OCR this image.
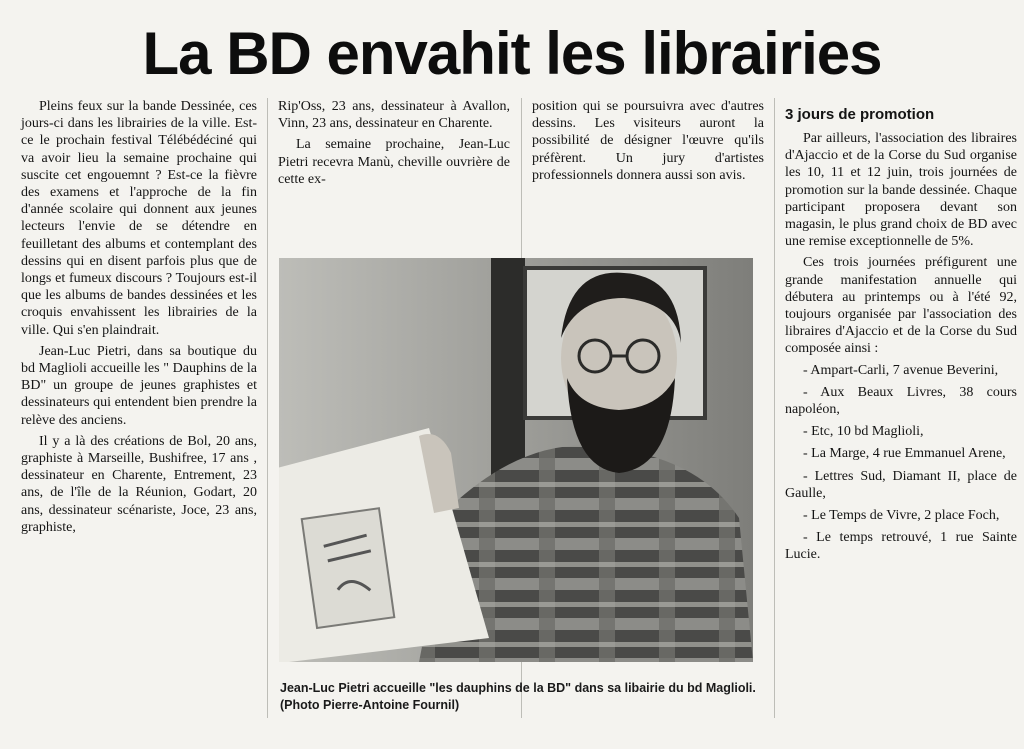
La BD envahit les librairies

Pleins feux sur la bande Dessinée, ces jours-ci dans les librairies de la ville. Est-ce le prochain festival Télébédéciné qui va avoir lieu la semaine prochaine qui suscite cet engouemnt ? Est-ce la fièvre des examens et l'approche de la fin d'année scolaire qui donnent aux jeunes lecteurs l'envie de se détendre en feuilletant des albums et contemplant des dessins qui en disent parfois plus que de longs et fumeux discours ? Toujours est-il que les albums de bandes dessinées et les croquis envahissent les librairies de la ville. Qui s'en plaindrait.

Jean-Luc Pietri, dans sa boutique du bd Maglioli accueille les " Dauphins de la BD" un groupe de jeunes graphistes et dessinateurs qui entendent bien prendre la relève des anciens.

Il y a là des créations de Bol, 20 ans, graphiste à Marseille, Bushifree, 17 ans , dessinateur en Charente, Entrement, 23 ans, de l'île de la Réunion, Godart, 20 ans, dessinateur scénariste, Joce, 23 ans, graphiste,

Rip'Oss, 23 ans, dessinateur à Avallon, Vinn, 23 ans, dessinateur en Charente.

La semaine prochaine, Jean-Luc Pietri recevra Manù, cheville ouvrière de cette ex-

position qui se poursuivra avec d'autres dessins. Les visiteurs auront la possibilité de désigner l'œuvre qu'ils préfèrent. Un jury d'artistes professionnels donnera aussi son avis.

3 jours de promotion

Par ailleurs, l'association des libraires d'Ajaccio et de la Corse du Sud organise les 10, 11 et 12 juin, trois journées de promotion sur la bande dessinée. Chaque participant proposera devant son magasin, le plus grand choix de BD avec une remise exceptionnelle de 5%.

Ces trois journées préfigurent une grande manifestation annuelle qui débutera au printemps ou à l'été 92, toujours organisée par l'association des libraires d'Ajaccio et de la Corse du Sud composée ainsi :

- Ampart-Carli, 7 avenue Beverini,

- Aux Beaux Livres, 38 cours napoléon,

- Etc, 10 bd Maglioli,

- La Marge, 4 rue Emmanuel Arene,

- Lettres Sud, Diamant II, place de Gaulle,

- Le Temps de Vivre, 2 place Foch,

- Le temps retrouvé, 1 rue Sainte Lucie.

Jean-Luc Pietri accueille "les dauphins de la BD" dans sa libairie du bd Maglioli. (Photo Pierre-Antoine Fournil)
